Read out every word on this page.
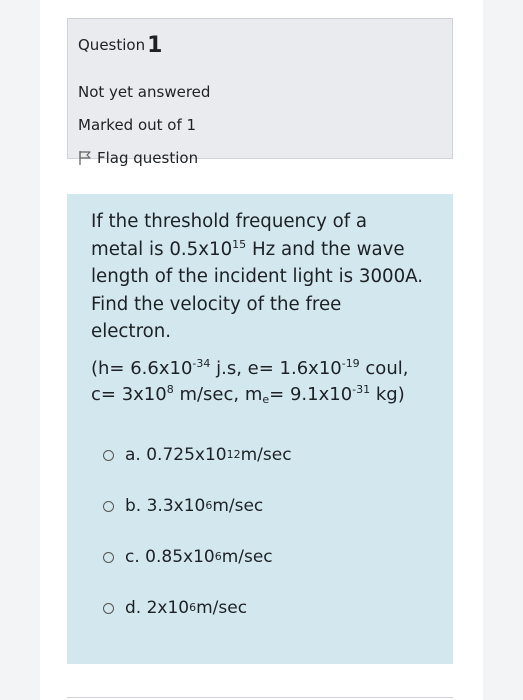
Question1
Not yet answered
Marked out of 1
Flag question
If the threshold frequency of a
metal is $0.5x10^{15}$ Hz and the wave
length of the incident light is 3000A.
Find the velocity of the free
electron.
($h= 6.6x10^{-34}$ j.s, $e= 1.6x10^{-19}$ coul,
$c= 3x10^8$ m/sec, $m_e= 9.1x10^{-31}$ kg)
a. 0.725x10 12 m/sec
b. 3.3x10 6 m/sec
c. 0.85x10 6 m/sec
d. 2x10 6 m/sec
